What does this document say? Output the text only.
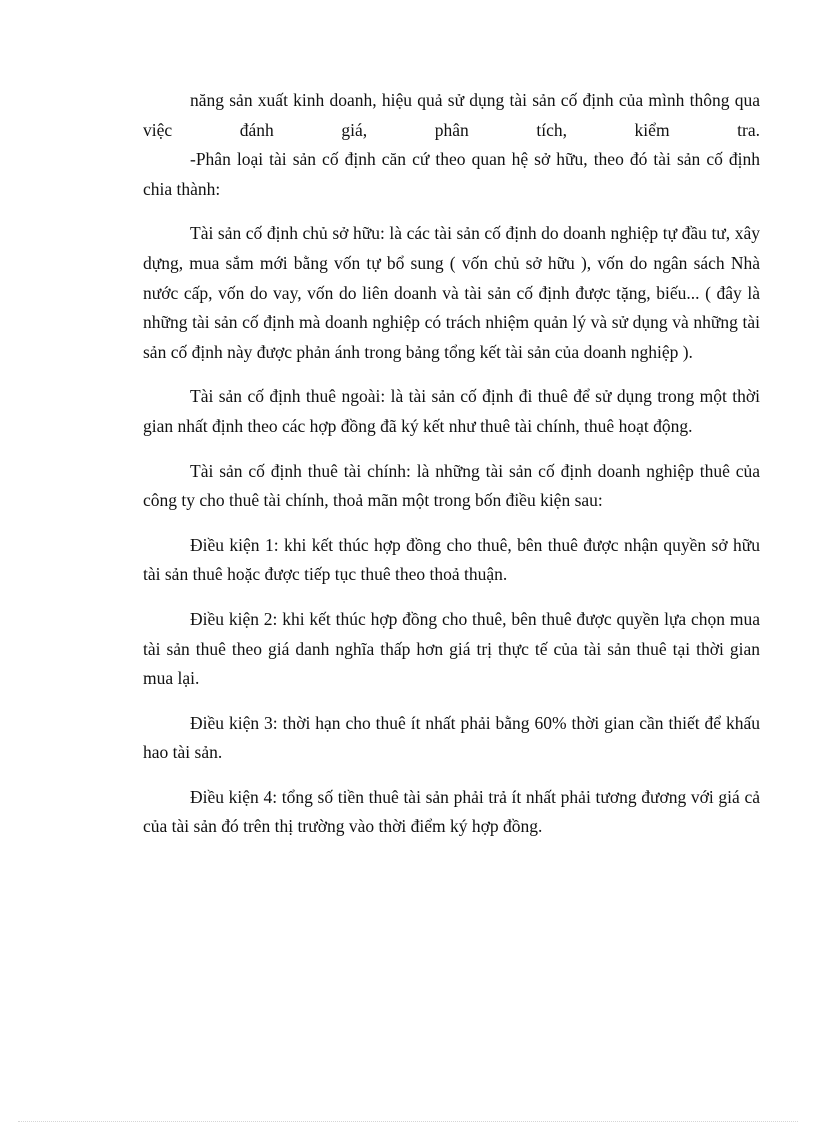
năng sản xuất kinh doanh, hiệu quả sử dụng tài sản cố định của mình thông qua việc đánh giá, phân tích, kiểm tra.

-Phân loại tài sản cố định căn cứ theo quan hệ sở hữu, theo đó tài sản cố định chia thành:

Tài sản cố định chủ sở hữu: là các tài sản cố định do doanh nghiệp tự đầu tư, xây dựng, mua sắm mới bằng vốn tự bổ sung ( vốn chủ sở hữu ), vốn do ngân sách Nhà nước cấp, vốn do vay, vốn do liên doanh và tài sản cố định được tặng, biếu... ( đây là những tài sản cố định mà doanh nghiệp có trách nhiệm quản lý và sử dụng và những tài sản cố định này được phản ánh trong bảng tổng kết tài sản của doanh nghiệp ).

Tài sản cố định thuê ngoài: là tài sản cố định đi thuê để sử dụng trong một thời gian nhất định theo các hợp đồng đã ký kết như thuê tài chính, thuê hoạt động.

Tài sản cố định thuê tài chính: là những tài sản cố định doanh nghiệp thuê của công ty cho thuê tài chính, thoả mãn một trong bốn điều kiện sau:

Điều kiện 1: khi kết thúc hợp đồng cho thuê, bên thuê được nhận quyền sở hữu tài sản thuê hoặc được tiếp tục thuê theo thoả thuận.

Điều kiện 2: khi kết thúc hợp đồng cho thuê, bên thuê được quyền lựa chọn mua tài sản thuê theo giá danh nghĩa thấp hơn giá trị thực tế của tài sản thuê tại thời gian mua lại.

Điều kiện 3: thời hạn cho thuê ít nhất phải bằng 60% thời gian cần thiết để khấu hao tài sản.

Điều kiện 4: tổng số tiền thuê tài sản phải trả ít nhất phải tương đương với giá cả của tài sản đó trên thị trường vào thời điểm ký hợp đồng.
